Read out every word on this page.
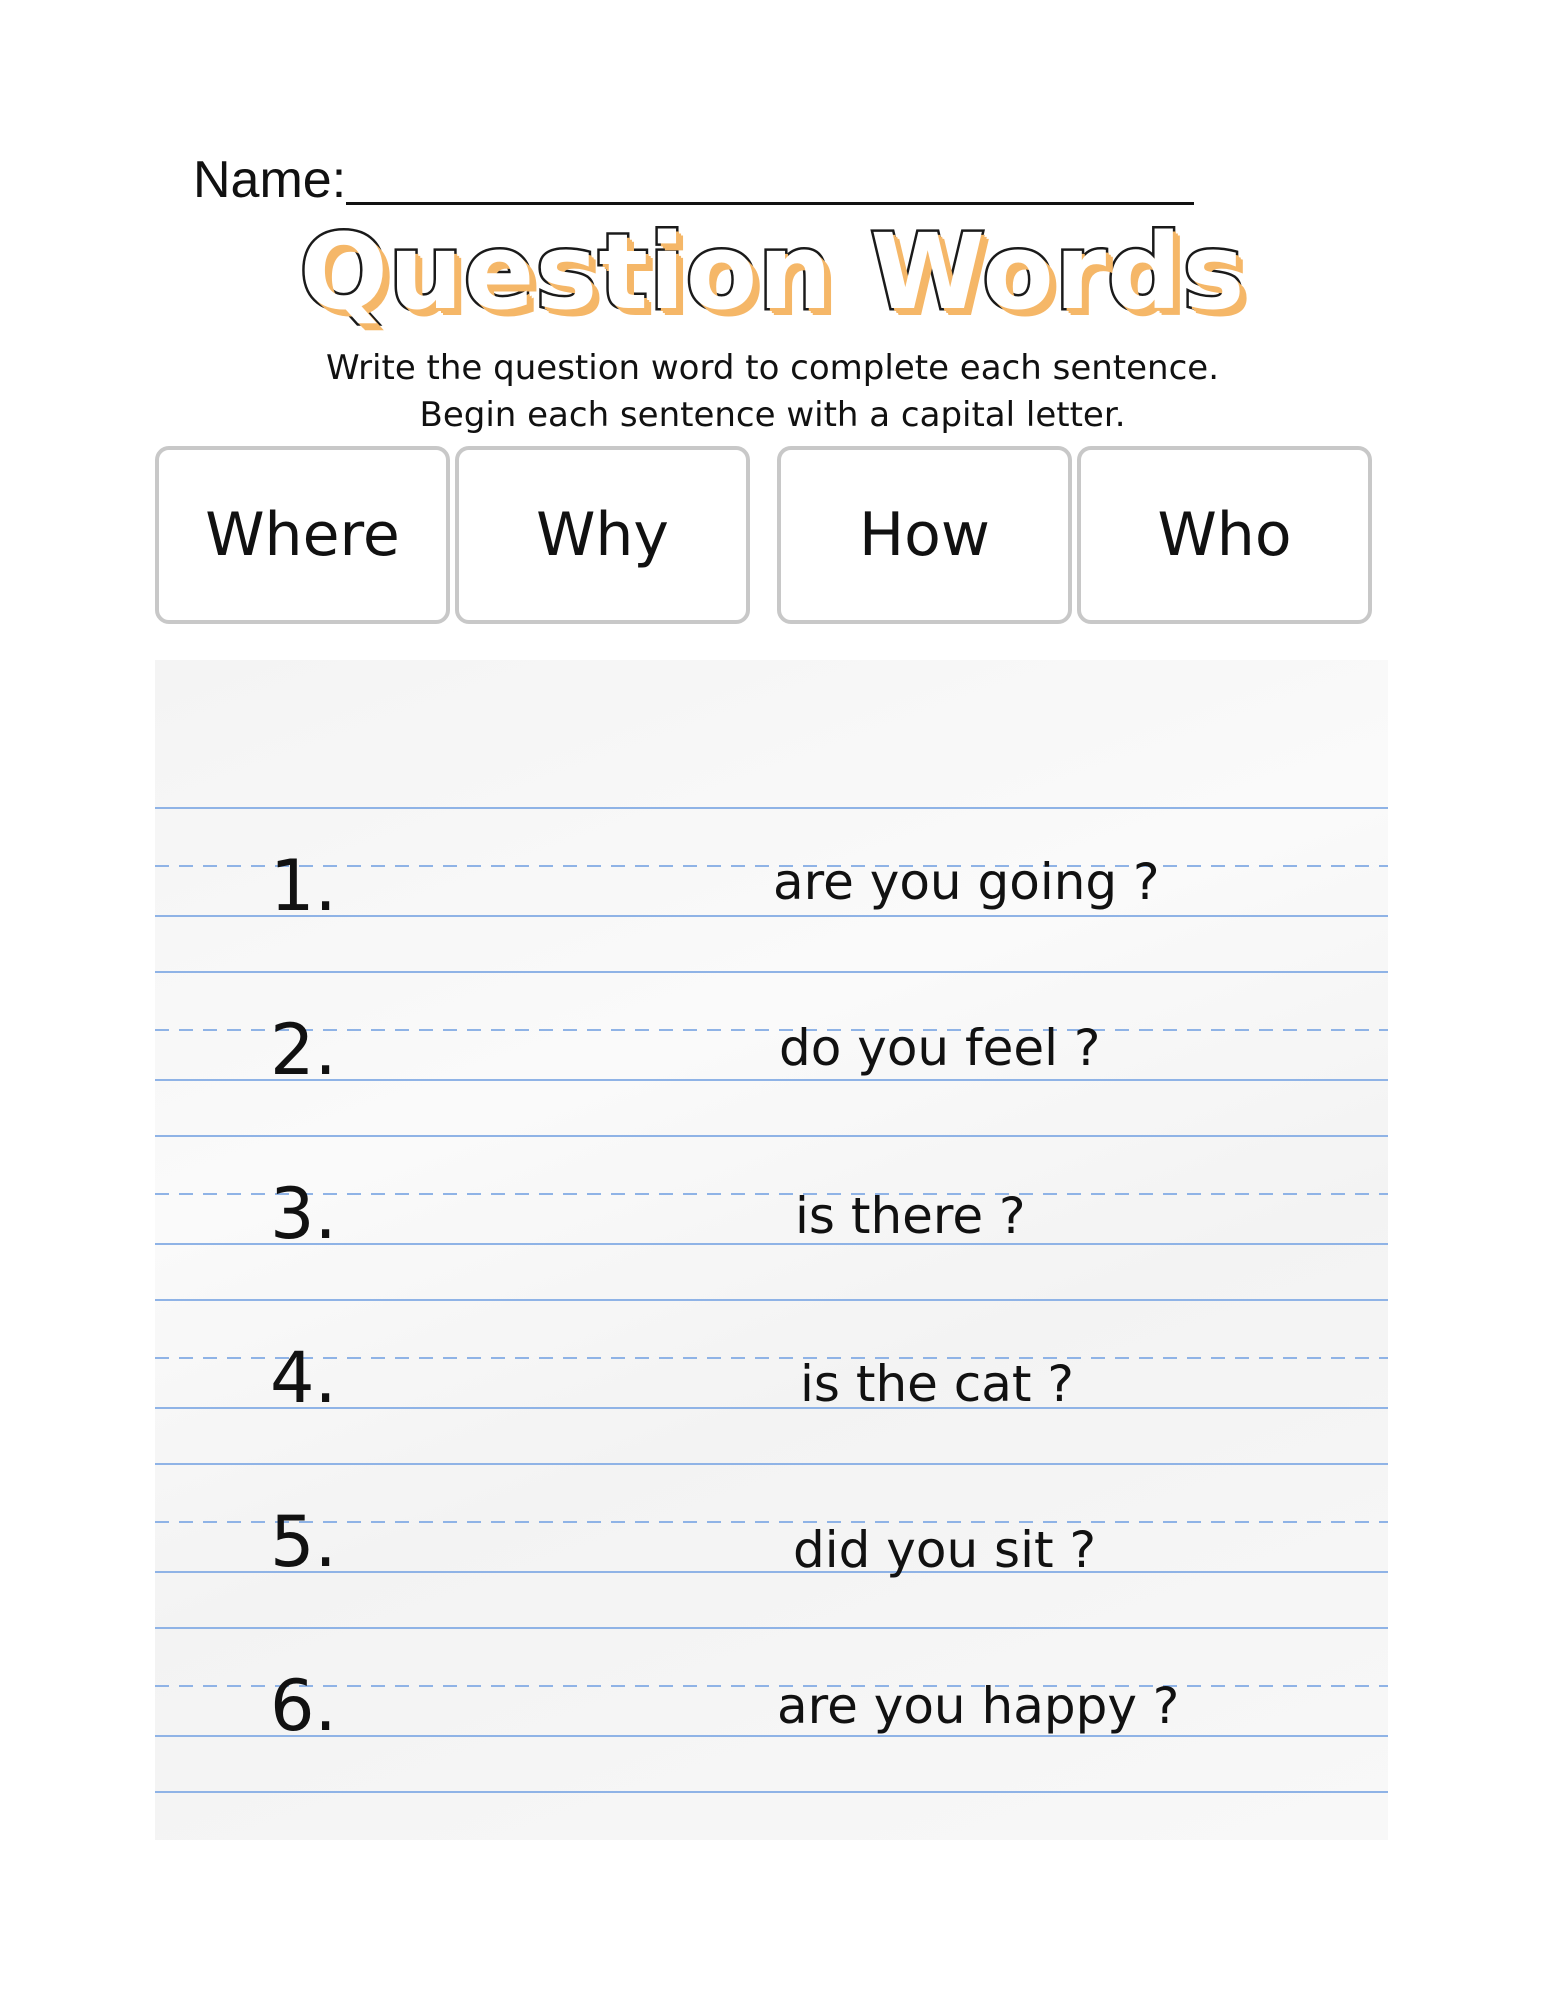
Name:
Question Words
Write the question word to complete each sentence.
Begin each sentence with a capital letter.
Where	Why	How	Who
1.	are you going ?
2.	do you feel ?
3.	is there ?
4.	is the cat ?
5.	did you sit ?
6.	are you happy ?
